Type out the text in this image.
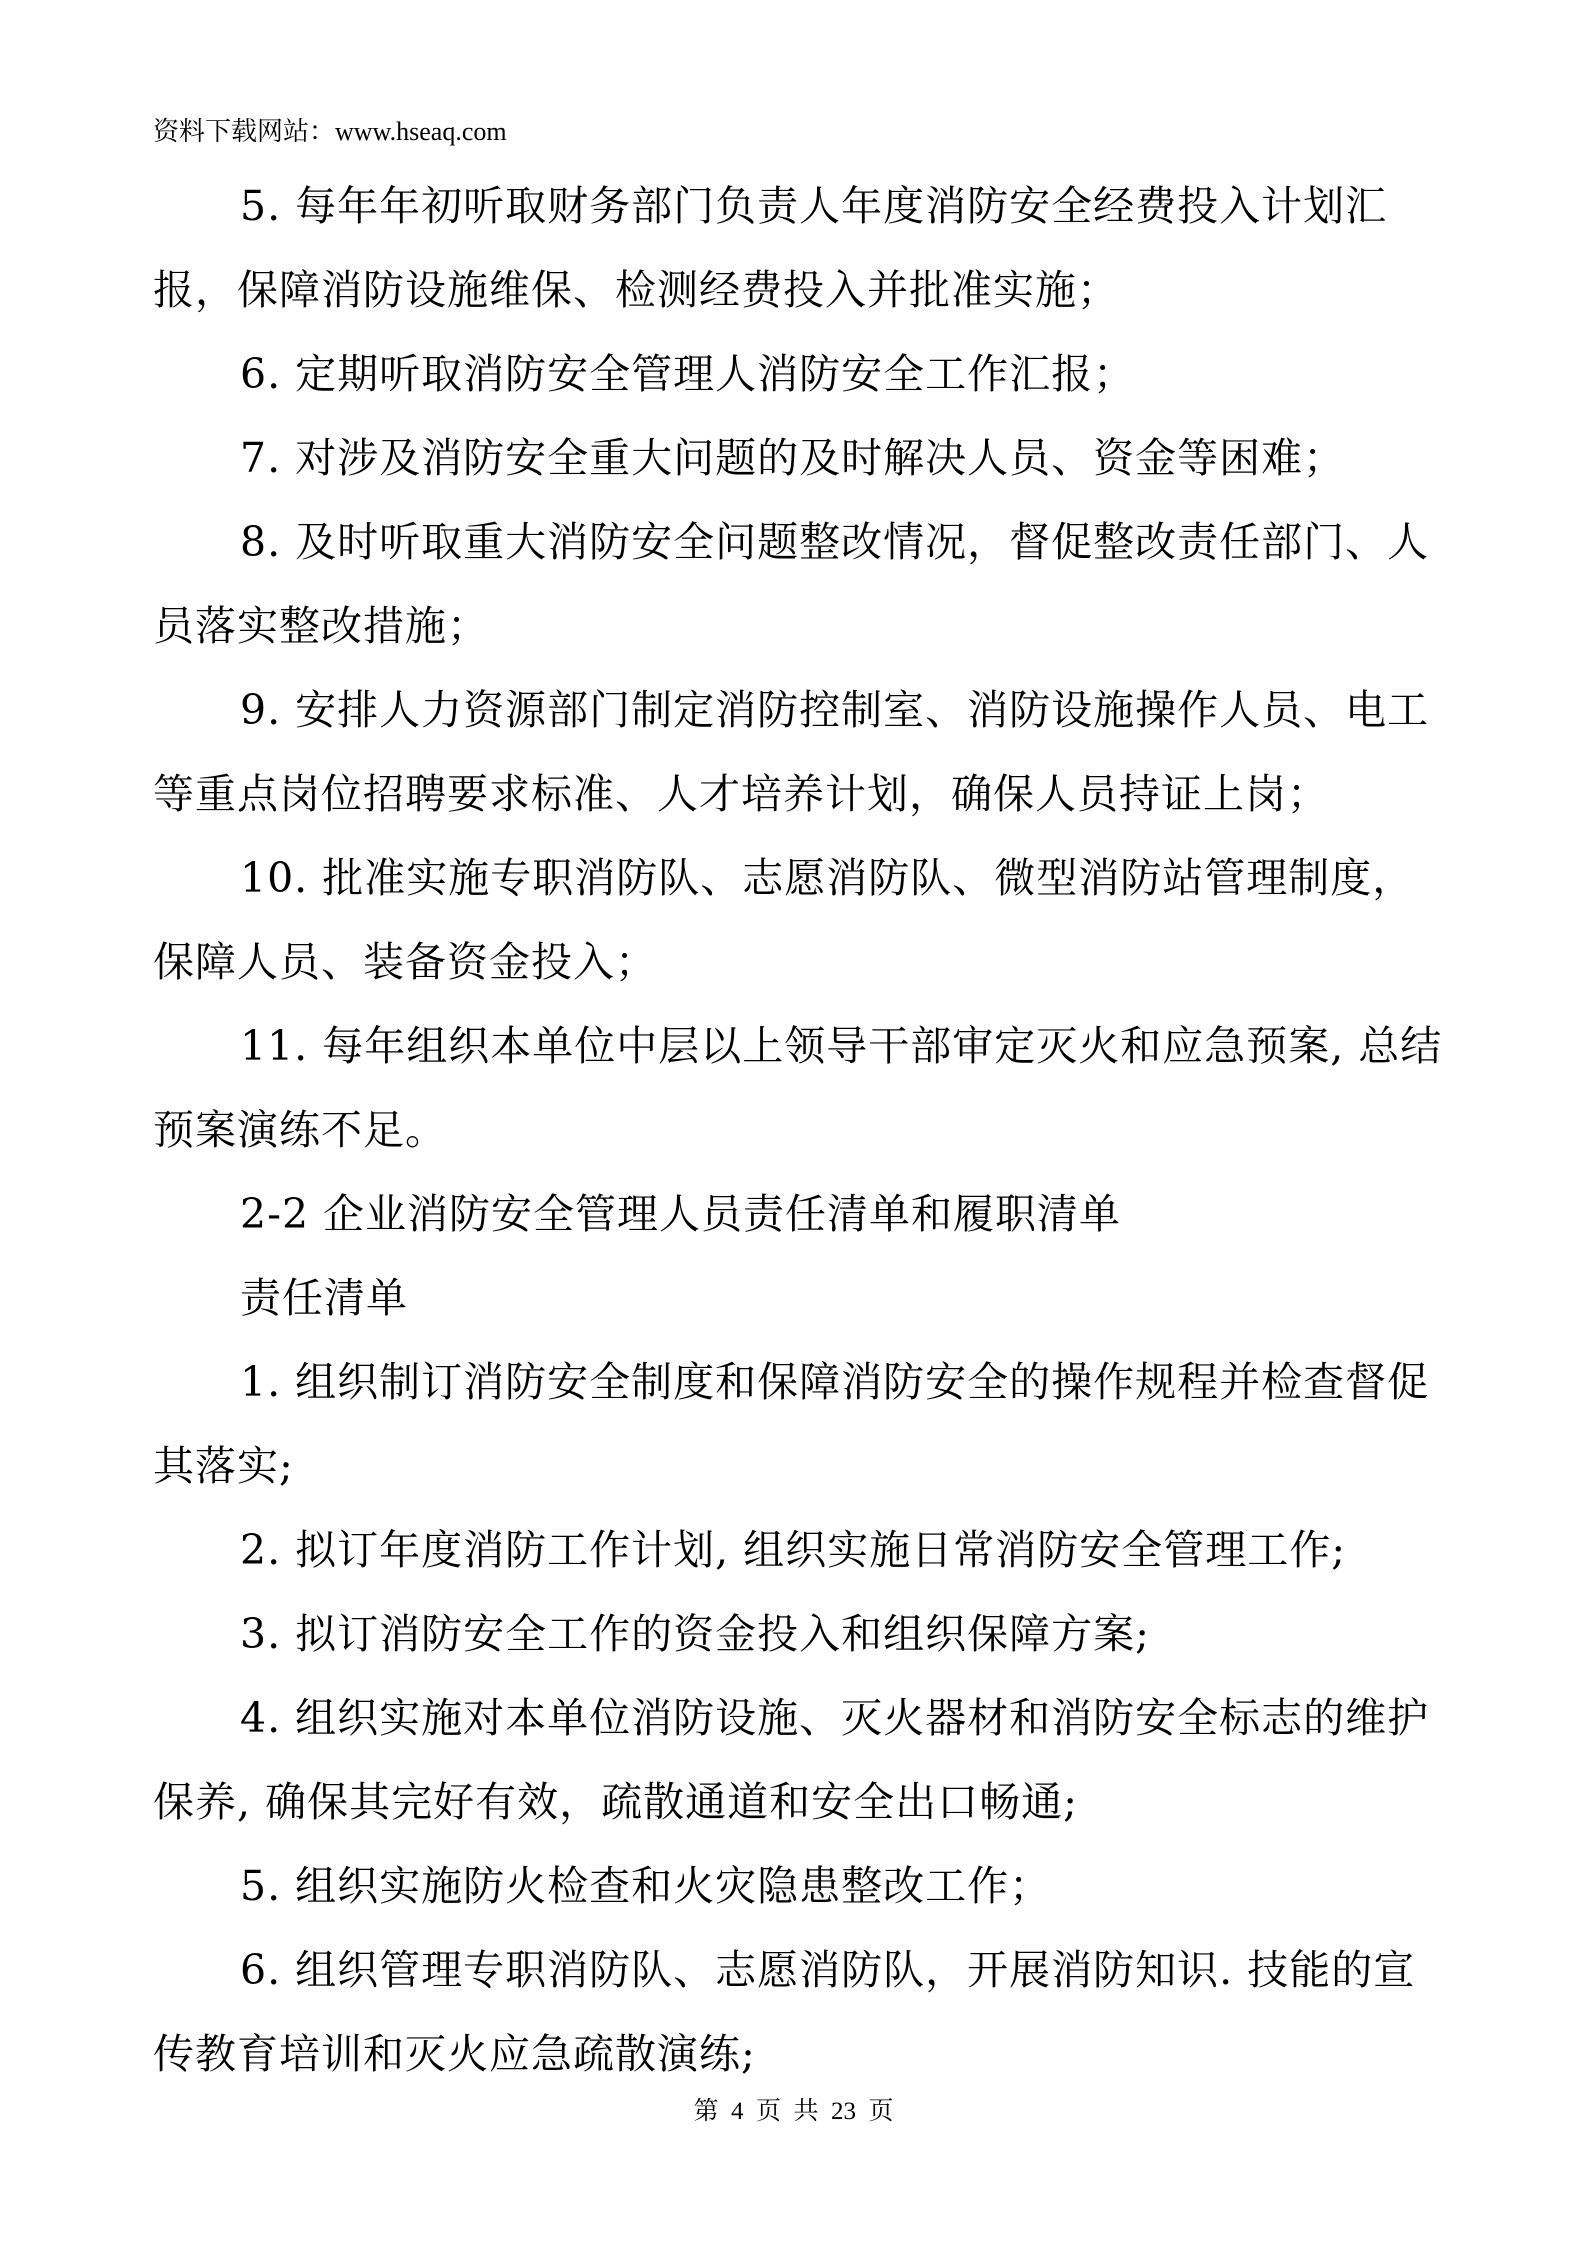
资料下载网站：www.hseaq.com

5. 每年年初听取财务部门负责人年度消防安全经费投入计划汇报，保障消防设施维保、检测经费投入并批准实施；

6. 定期听取消防安全管理人消防安全工作汇报；

7. 对涉及消防安全重大问题的及时解决人员、资金等困难；

8. 及时听取重大消防安全问题整改情况，督促整改责任部门、人员落实整改措施；

9. 安排人力资源部门制定消防控制室、消防设施操作人员、电工等重点岗位招聘要求标准、人才培养计划，确保人员持证上岗；

10. 批准实施专职消防队、志愿消防队、微型消防站管理制度，保障人员、装备资金投入；

11. 每年组织本单位中层以上领导干部审定灭火和应急预案, 总结预案演练不足。

2-2 企业消防安全管理人员责任清单和履职清单

责任清单

1. 组织制订消防安全制度和保障消防安全的操作规程并检查督促其落实;

2. 拟订年度消防工作计划, 组织实施日常消防安全管理工作;

3. 拟订消防安全工作的资金投入和组织保障方案;

4. 组织实施对本单位消防设施、灭火器材和消防安全标志的维护保养, 确保其完好有效，疏散通道和安全出口畅通;

5. 组织实施防火检查和火灾隐患整改工作；

6. 组织管理专职消防队、志愿消防队，开展消防知识. 技能的宣传教育培训和灭火应急疏散演练;

第  4  页  共  23  页
